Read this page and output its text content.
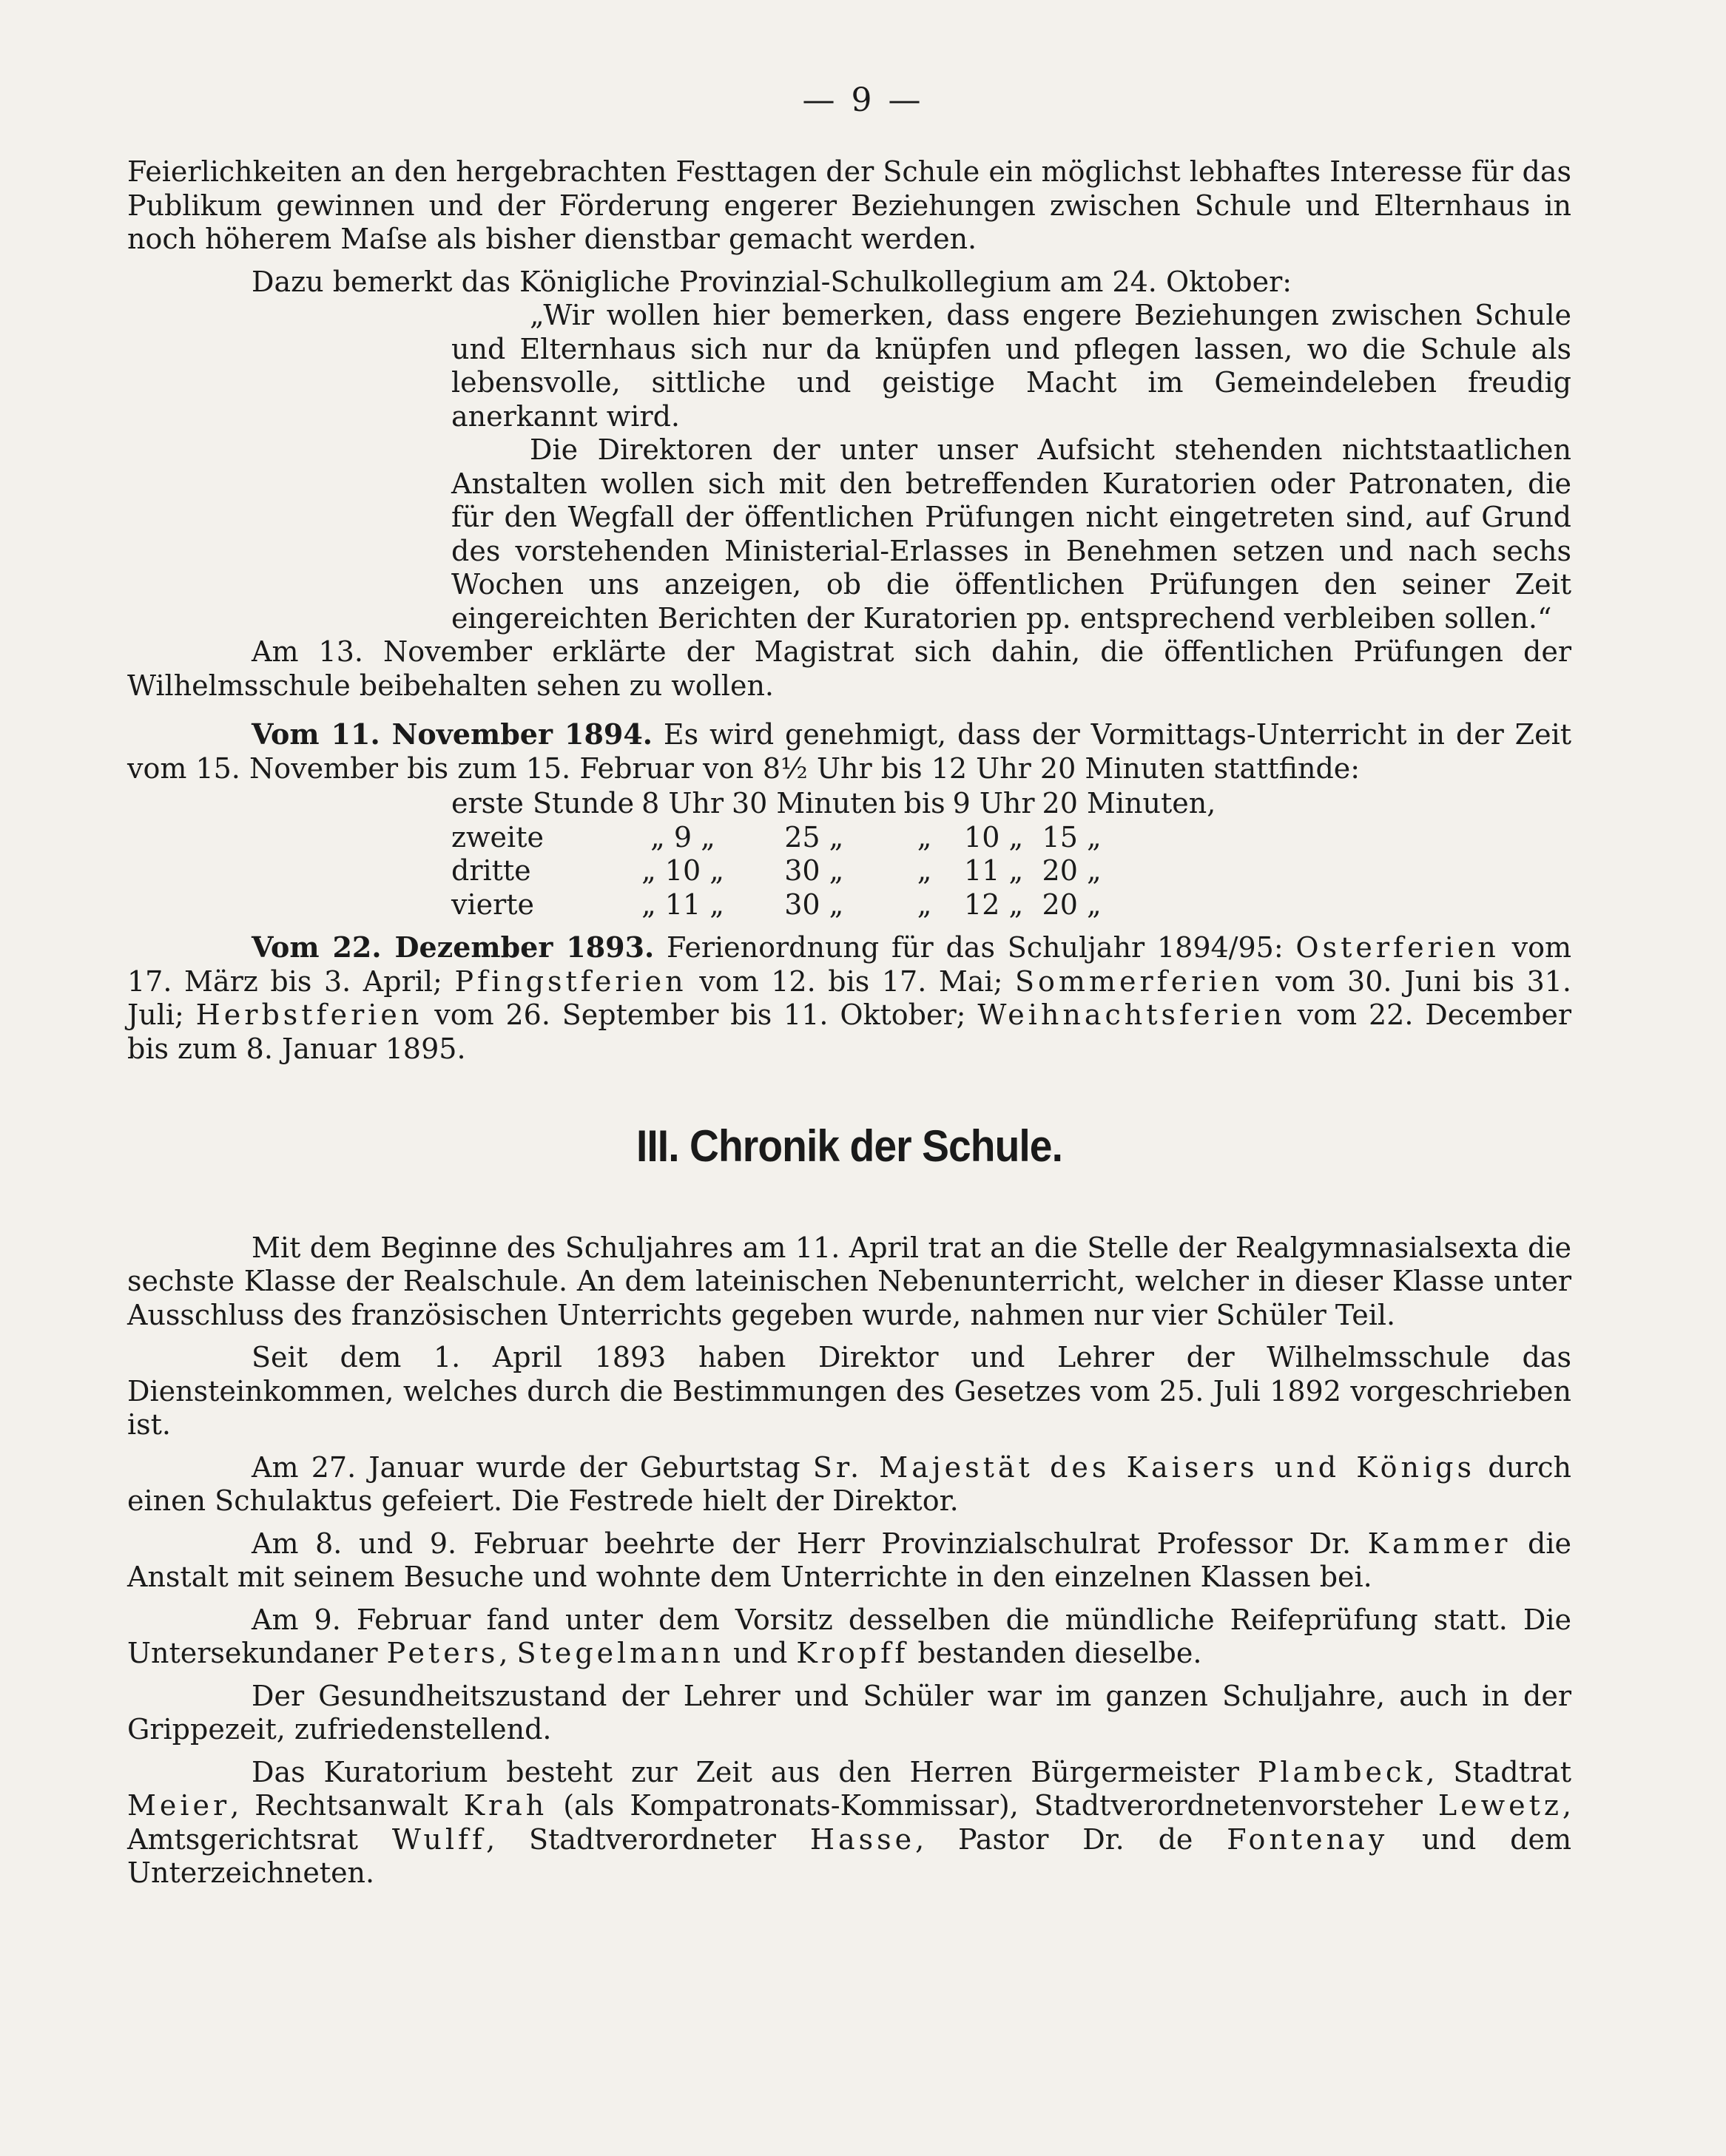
— 9 —

Feierlichkeiten an den hergebrachten Festtagen der Schule ein möglichst lebhaftes Interesse für das Publikum gewinnen und der Förderung engerer Beziehungen zwischen Schule und Elternhaus in noch höherem Maſse als bisher dienstbar gemacht werden.

Dazu bemerkt das Königliche Provinzial-Schulkollegium am 24. Oktober:

„Wir wollen hier bemerken, dass engere Beziehungen zwischen Schule und Elternhaus sich nur da knüpfen und pflegen lassen, wo die Schule als lebensvolle, sittliche und geistige Macht im Gemeindeleben freudig anerkannt wird.

Die Direktoren der unter unser Aufsicht stehenden nichtstaatlichen Anstalten wollen sich mit den betreffenden Kuratorien oder Patronaten, die für den Wegfall der öffentlichen Prüfungen nicht eingetreten sind, auf Grund des vorstehenden Ministerial-Erlasses in Benehmen setzen und nach sechs Wochen uns anzeigen, ob die öffentlichen Prüfungen den seiner Zeit eingereichten Berichten der Kuratorien pp. entsprechend verbleiben sollen.“

Am 13. November erklärte der Magistrat sich dahin, die öffentlichen Prüfungen der Wilhelmsschule beibehalten sehen zu wollen.

Vom 11. November 1894. Es wird genehmigt, dass der Vormittags-Unterricht in der Zeit vom 15. November bis zum 15. Februar von 8½ Uhr bis 12 Uhr 20 Minuten stattfinde:

erste Stunde	8 Uhr	30 Minuten	bis	9 Uhr	20 Minuten,
zweite	„ 9 „	25 „	„	10 „	15 „
dritte	„ 10 „	30 „	„	11 „	20 „
vierte	„ 11 „	30 „	„	12 „	20 „

Vom 22. Dezember 1893. Ferienordnung für das Schuljahr 1894/95: Osterferien vom 17. März bis 3. April; Pfingstferien vom 12. bis 17. Mai; Sommerferien vom 30. Juni bis 31. Juli; Herbstferien vom 26. September bis 11. Oktober; Weihnachtsferien vom 22. December bis zum 8. Januar 1895.

III. Chronik der Schule.

Mit dem Beginne des Schuljahres am 11. April trat an die Stelle der Realgymnasialsexta die sechste Klasse der Realschule. An dem lateinischen Nebenunterricht, welcher in dieser Klasse unter Ausschluss des französischen Unterrichts gegeben wurde, nahmen nur vier Schüler Teil.

Seit dem 1. April 1893 haben Direktor und Lehrer der Wilhelmsschule das Diensteinkommen, welches durch die Bestimmungen des Gesetzes vom 25. Juli 1892 vorgeschrieben ist.

Am 27. Januar wurde der Geburtstag Sr. Majestät des Kaisers und Königs durch einen Schulaktus gefeiert. Die Festrede hielt der Direktor.

Am 8. und 9. Februar beehrte der Herr Provinzialschulrat Professor Dr. Kammer die Anstalt mit seinem Besuche und wohnte dem Unterrichte in den einzelnen Klassen bei.

Am 9. Februar fand unter dem Vorsitz desselben die mündliche Reifeprüfung statt. Die Untersekundaner Peters, Stegelmann und Kropff bestanden dieselbe.

Der Gesundheitszustand der Lehrer und Schüler war im ganzen Schuljahre, auch in der Grippezeit, zufriedenstellend.

Das Kuratorium besteht zur Zeit aus den Herren Bürgermeister Plambeck, Stadtrat Meier, Rechtsanwalt Krah (als Kompatronats-Kommissar), Stadtverordnetenvorsteher Lewetz, Amtsgerichtsrat Wulff, Stadtverordneter Hasse, Pastor Dr. de Fontenay und dem Unterzeichneten.
